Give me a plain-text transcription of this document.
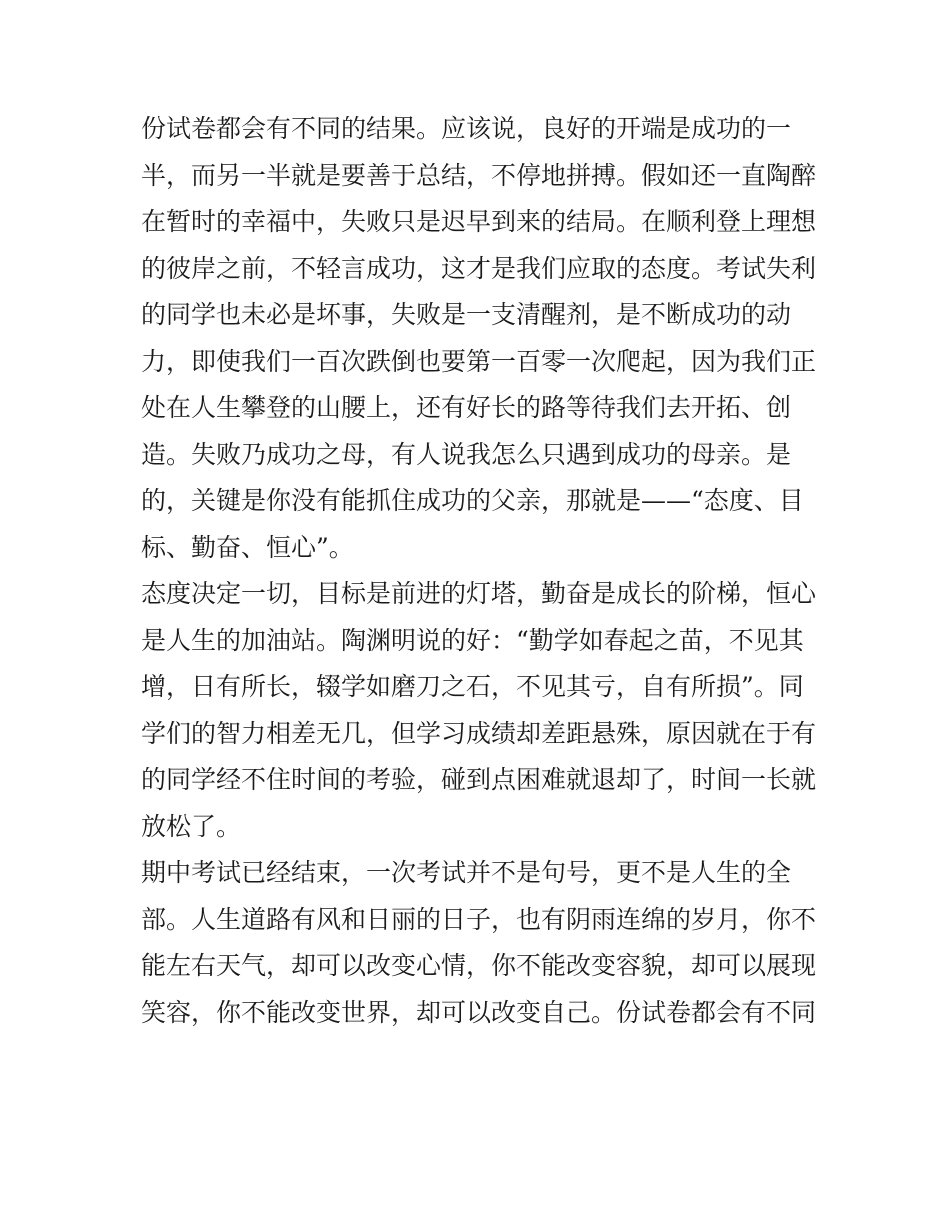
份试卷都会有不同的结果。应该说，良好的开端是成功的一
半，而另一半就是要善于总结，不停地拼搏。假如还一直陶醉
在暂时的幸福中，失败只是迟早到来的结局。在顺利登上理想
的彼岸之前，不轻言成功，这才是我们应取的态度。考试失利
的同学也未必是坏事，失败是一支清醒剂，是不断成功的动
力，即使我们一百次跌倒也要第一百零一次爬起，因为我们正
处在人生攀登的山腰上，还有好长的路等待我们去开拓、创
造。失败乃成功之母，有人说我怎么只遇到成功的母亲。是
的，关键是你没有能抓住成功的父亲，那就是——“态度、目
标、勤奋、恒心”。
态度决定一切，目标是前进的灯塔，勤奋是成长的阶梯，恒心
是人生的加油站。陶渊明说的好：“勤学如春起之苗，不见其
增，日有所长，辍学如磨刀之石，不见其亏，自有所损”。同
学们的智力相差无几，但学习成绩却差距悬殊，原因就在于有
的同学经不住时间的考验，碰到点困难就退却了，时间一长就
放松了。
期中考试已经结束，一次考试并不是句号，更不是人生的全
部。人生道路有风和日丽的日子，也有阴雨连绵的岁月，你不
能左右天气，却可以改变心情，你不能改变容貌，却可以展现
笑容，你不能改变世界，却可以改变自己。份试卷都会有不同
